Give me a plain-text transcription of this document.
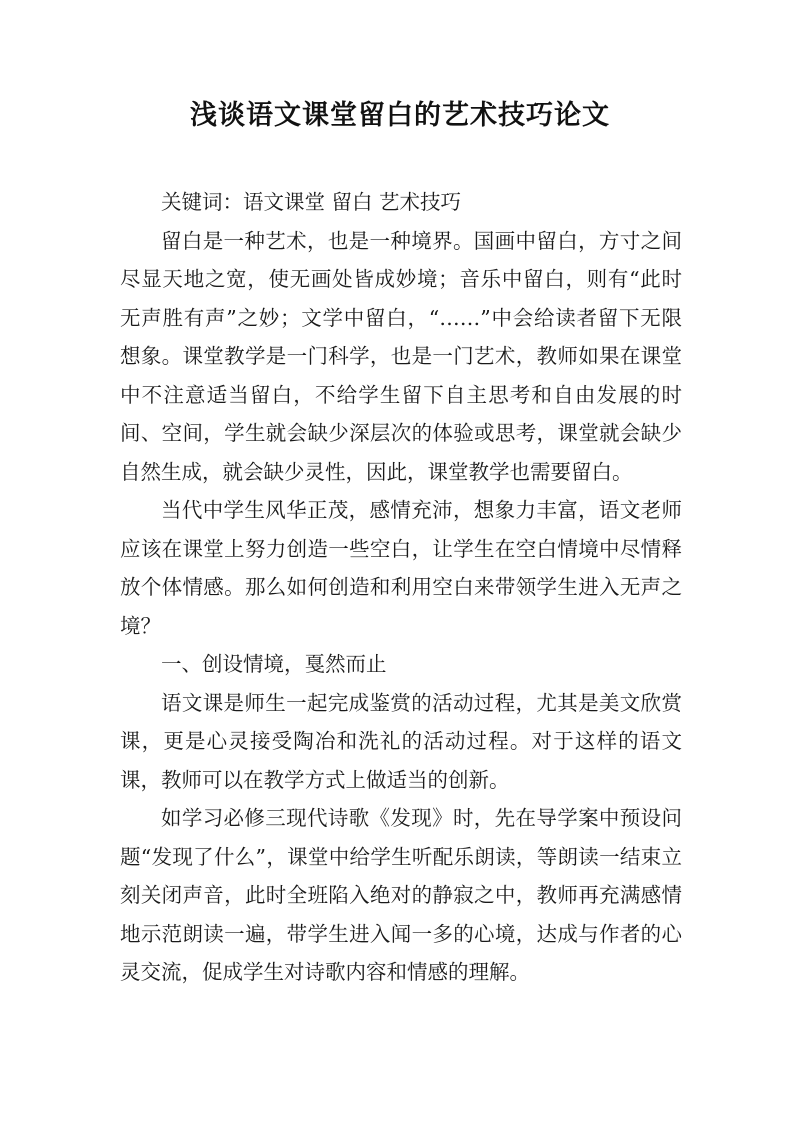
浅谈语文课堂留白的艺术技巧论文

关键词：语文课堂 留白 艺术技巧

留白是一种艺术，也是一种境界。国画中留白，方寸之间尽显天地之宽，使无画处皆成妙境；音乐中留白，则有“此时无声胜有声”之妙；文学中留白，“……”中会给读者留下无限想象。课堂教学是一门科学，也是一门艺术，教师如果在课堂中不注意适当留白，不给学生留下自主思考和自由发展的时间、空间，学生就会缺少深层次的体验或思考，课堂就会缺少自然生成，就会缺少灵性，因此，课堂教学也需要留白。

当代中学生风华正茂，感情充沛，想象力丰富，语文老师应该在课堂上努力创造一些空白，让学生在空白情境中尽情释放个体情感。那么如何创造和利用空白来带领学生进入无声之境？

一、创设情境，戛然而止

语文课是师生一起完成鉴赏的活动过程，尤其是美文欣赏课，更是心灵接受陶冶和洗礼的活动过程。对于这样的语文课，教师可以在教学方式上做适当的创新。

如学习必修三现代诗歌《发现》时，先在导学案中预设问题“发现了什么”，课堂中给学生听配乐朗读，等朗读一结束立刻关闭声音，此时全班陷入绝对的静寂之中，教师再充满感情地示范朗读一遍，带学生进入闻一多的心境，达成与作者的心灵交流，促成学生对诗歌内容和情感的理解。
